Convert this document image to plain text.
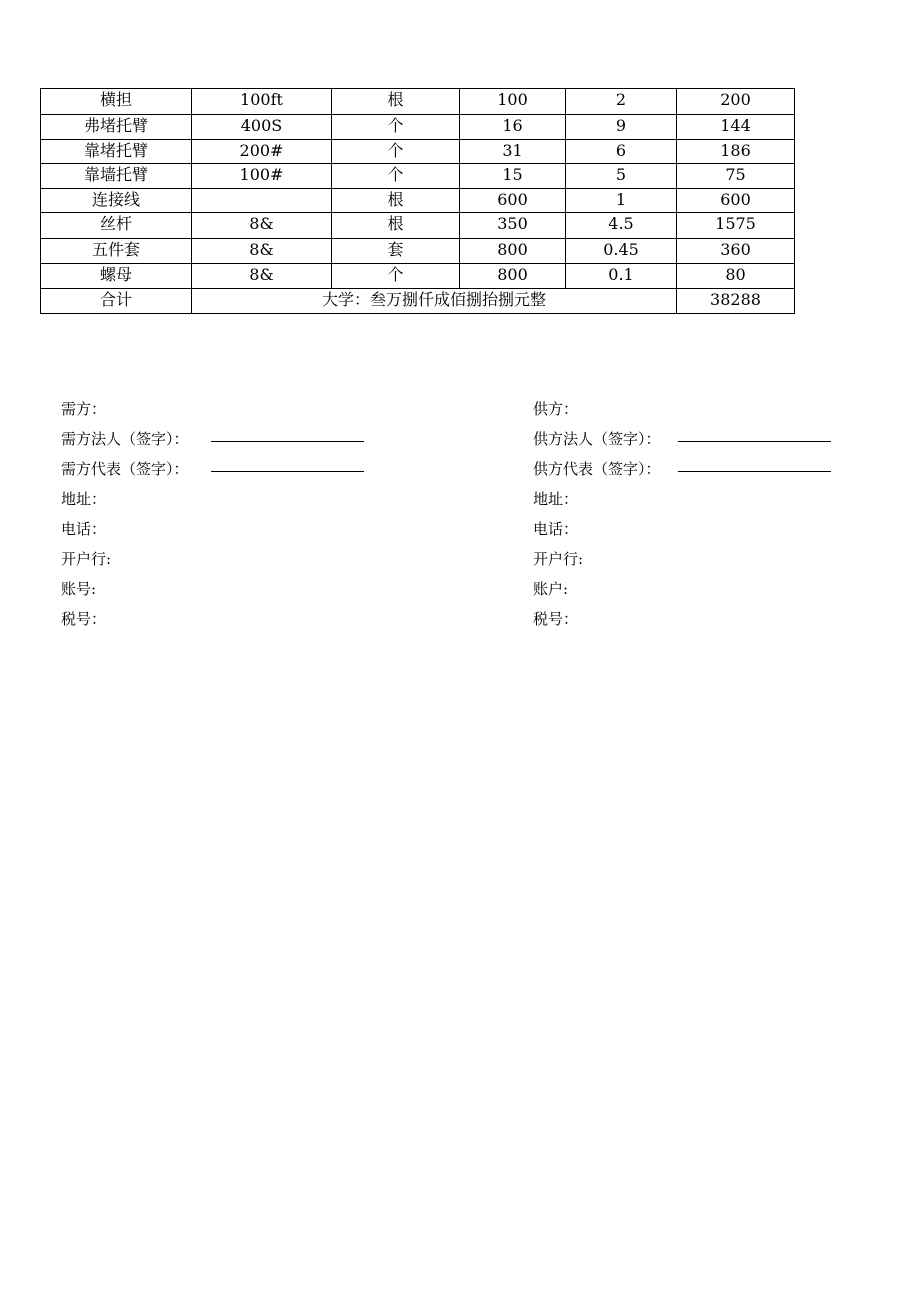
横担	100ft	根	100	2	200
弗堵托臂	400S	个	16	9	144
靠堵托臂	200#	个	31	6	186
靠墙托臂	100#	个	15	5	75
连接线		根	600	1	600
丝杆	8&	根	350	4.5	1575
五件套	8&	套	800	0.45	360
螺母	8&	个	800	0.1	80
合计	大学：叁万捌仟成佰捌抬捌元整				38288
需方：
需方法人（签字）：
需方代表（签字）：
地址：
电话：
开户行:
账号:
税号：
供方：
供方法人（签字）：
供方代表（签字）：
地址：
电话：
开户行:
账户:
税号：
